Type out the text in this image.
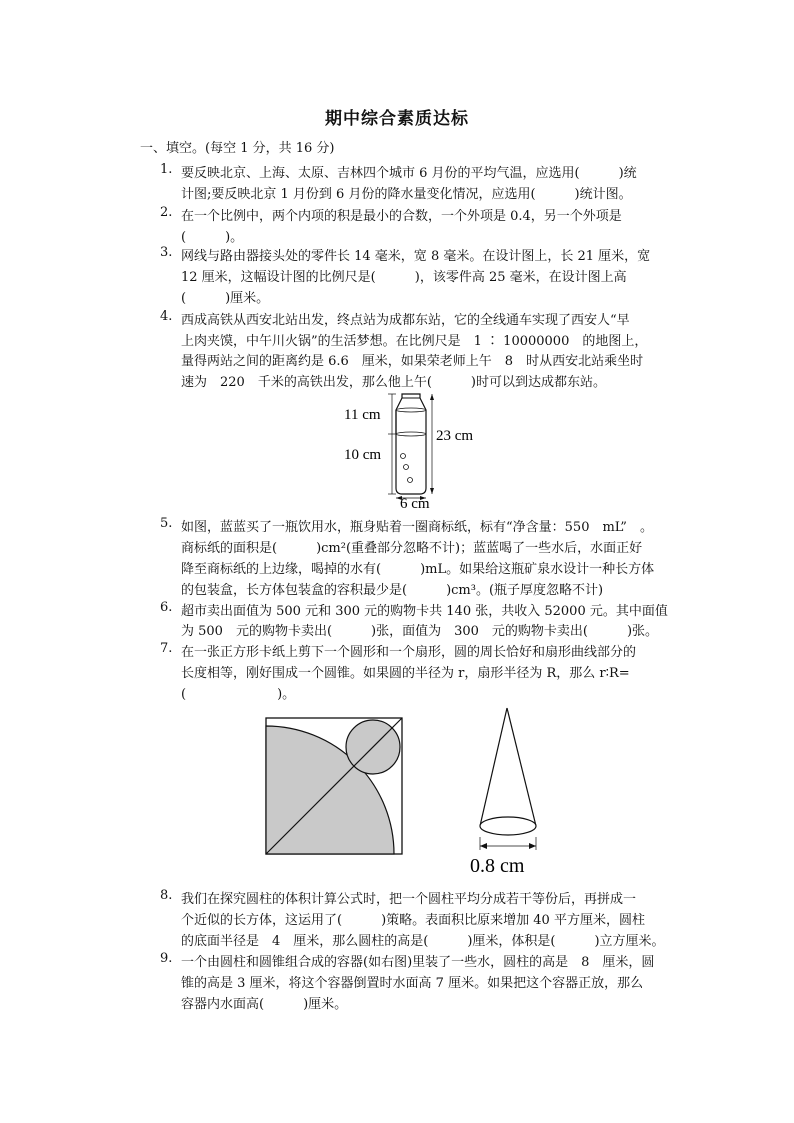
期中综合素质达标
一、填空。(每空 1 分，共 16 分)
1. 要反映北京、上海、太原、吉林四个城市 6 月份的平均气温，应选用(　　　)统
计图;要反映北京 1 月份到 6 月份的降水量变化情况，应选用(　　　)统计图。
2. 在一个比例中，两个内项的积是最小的合数，一个外项是 0.4，另一个外项是
(　　　)。
3. 网线与路由器接头处的零件长 14 毫米，宽 8 毫米。在设计图上，长 21 厘米，宽
12 厘米，这幅设计图的比例尺是(　　　)，该零件高 25 毫米，在设计图上高
(　　　)厘米。
4. 西成高铁从西安北站出发，终点站为成都东站，它的全线通车实现了西安人“早
上肉夹馍，中午川火锅”的生活梦想。在比例尺是　1 ∶ 10000000　的地图上，
量得两站之间的距离约是 6.6　厘米，如果荣老师上午　8　时从西安北站乘坐时
速为　220　千米的高铁出发，那么他上午(　　　)时可以到达成都东站。
11 cm
10 cm
23 cm
6 cm
5. 如图，蓝蓝买了一瓶饮用水，瓶身贴着一圈商标纸，标有“净含量：550　mL”　。
商标纸的面积是(　　　)cm²(重叠部分忽略不计)；蓝蓝喝了一些水后，水面正好
降至商标纸的上边缘，喝掉的水有(　　　)mL。如果给这瓶矿泉水设计一种长方体
的包装盒，长方体包装盒的容积最少是(　　　)cm³。(瓶子厚度忽略不计)
6. 超市卖出面值为 500 元和 300 元的购物卡共 140 张，共收入 52000 元。其中面值
为 500　元的购物卡卖出(　　　)张，面值为　300　元的购物卡卖出(　　　)张。
7. 在一张正方形卡纸上剪下一个圆形和一个扇形，圆的周长恰好和扇形曲线部分的
长度相等，刚好围成一个圆锥。如果圆的半径为 r，扇形半径为 R，那么 r∶R=
(　　　　　　　)。
0.8 cm
8. 我们在探究圆柱的体积计算公式时，把一个圆柱平均分成若干等份后，再拼成一
个近似的长方体，这运用了(　　　)策略。表面积比原来增加 40 平方厘米，圆柱
的底面半径是　4　厘米，那么圆柱的高是(　　　)厘米，体积是(　　　)立方厘米。
9. 一个由圆柱和圆锥组合成的容器(如右图)里装了一些水，圆柱的高是　8　厘米，圆
锥的高是 3 厘米，将这个容器倒置时水面高 7 厘米。如果把这个容器正放，那么
容器内水面高(　　　)厘米。
